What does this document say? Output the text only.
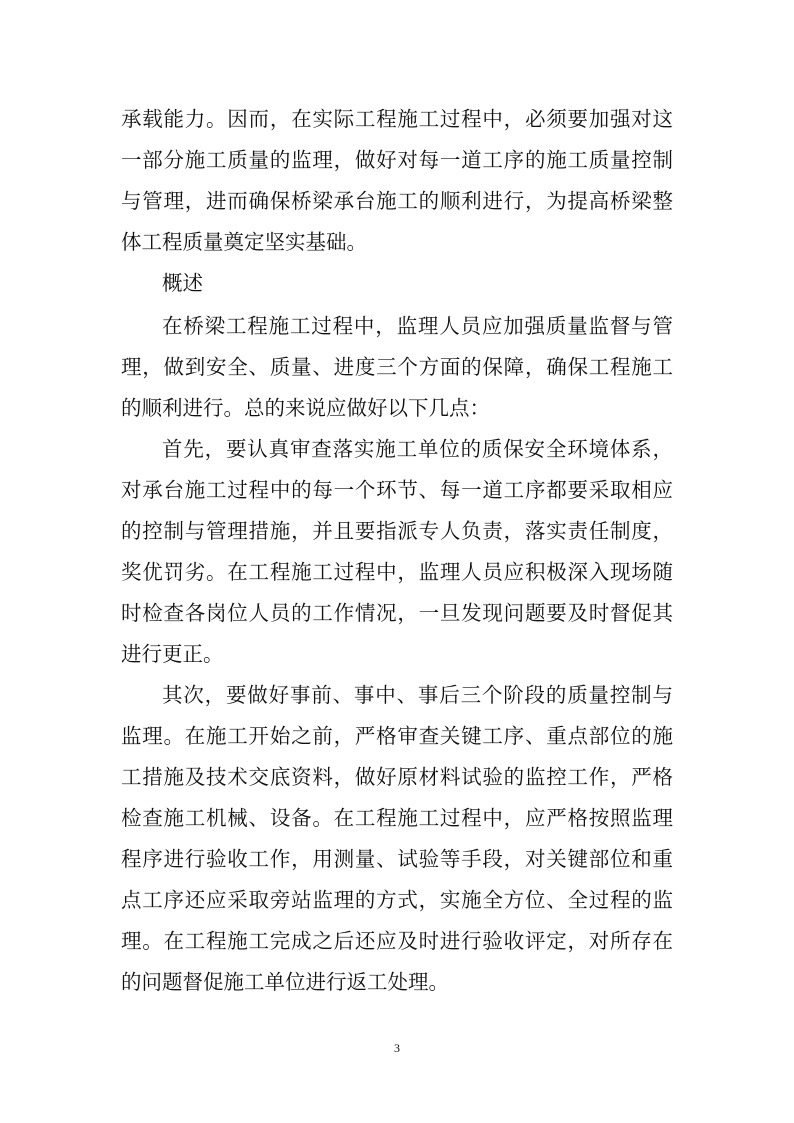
承载能力。因而，在实际工程施工过程中，必须要加强对这
一部分施工质量的监理，做好对每一道工序的施工质量控制
与管理，进而确保桥梁承台施工的顺利进行，为提高桥梁整
体工程质量奠定坚实基础。
概述
在桥梁工程施工过程中，监理人员应加强质量监督与管
理，做到安全、质量、进度三个方面的保障，确保工程施工
的顺利进行。总的来说应做好以下几点：
首先，要认真审查落实施工单位的质保安全环境体系，
对承台施工过程中的每一个环节、每一道工序都要采取相应
的控制与管理措施，并且要指派专人负责，落实责任制度，
奖优罚劣。在工程施工过程中，监理人员应积极深入现场随
时检查各岗位人员的工作情况，一旦发现问题要及时督促其
进行更正。
其次，要做好事前、事中、事后三个阶段的质量控制与
监理。在施工开始之前，严格审查关键工序、重点部位的施
工措施及技术交底资料，做好原材料试验的监控工作，严格
检查施工机械、设备。在工程施工过程中，应严格按照监理
程序进行验收工作，用测量、试验等手段，对关键部位和重
点工序还应采取旁站监理的方式，实施全方位、全过程的监
理。在工程施工完成之后还应及时进行验收评定，对所存在
的问题督促施工单位进行返工处理。
3
